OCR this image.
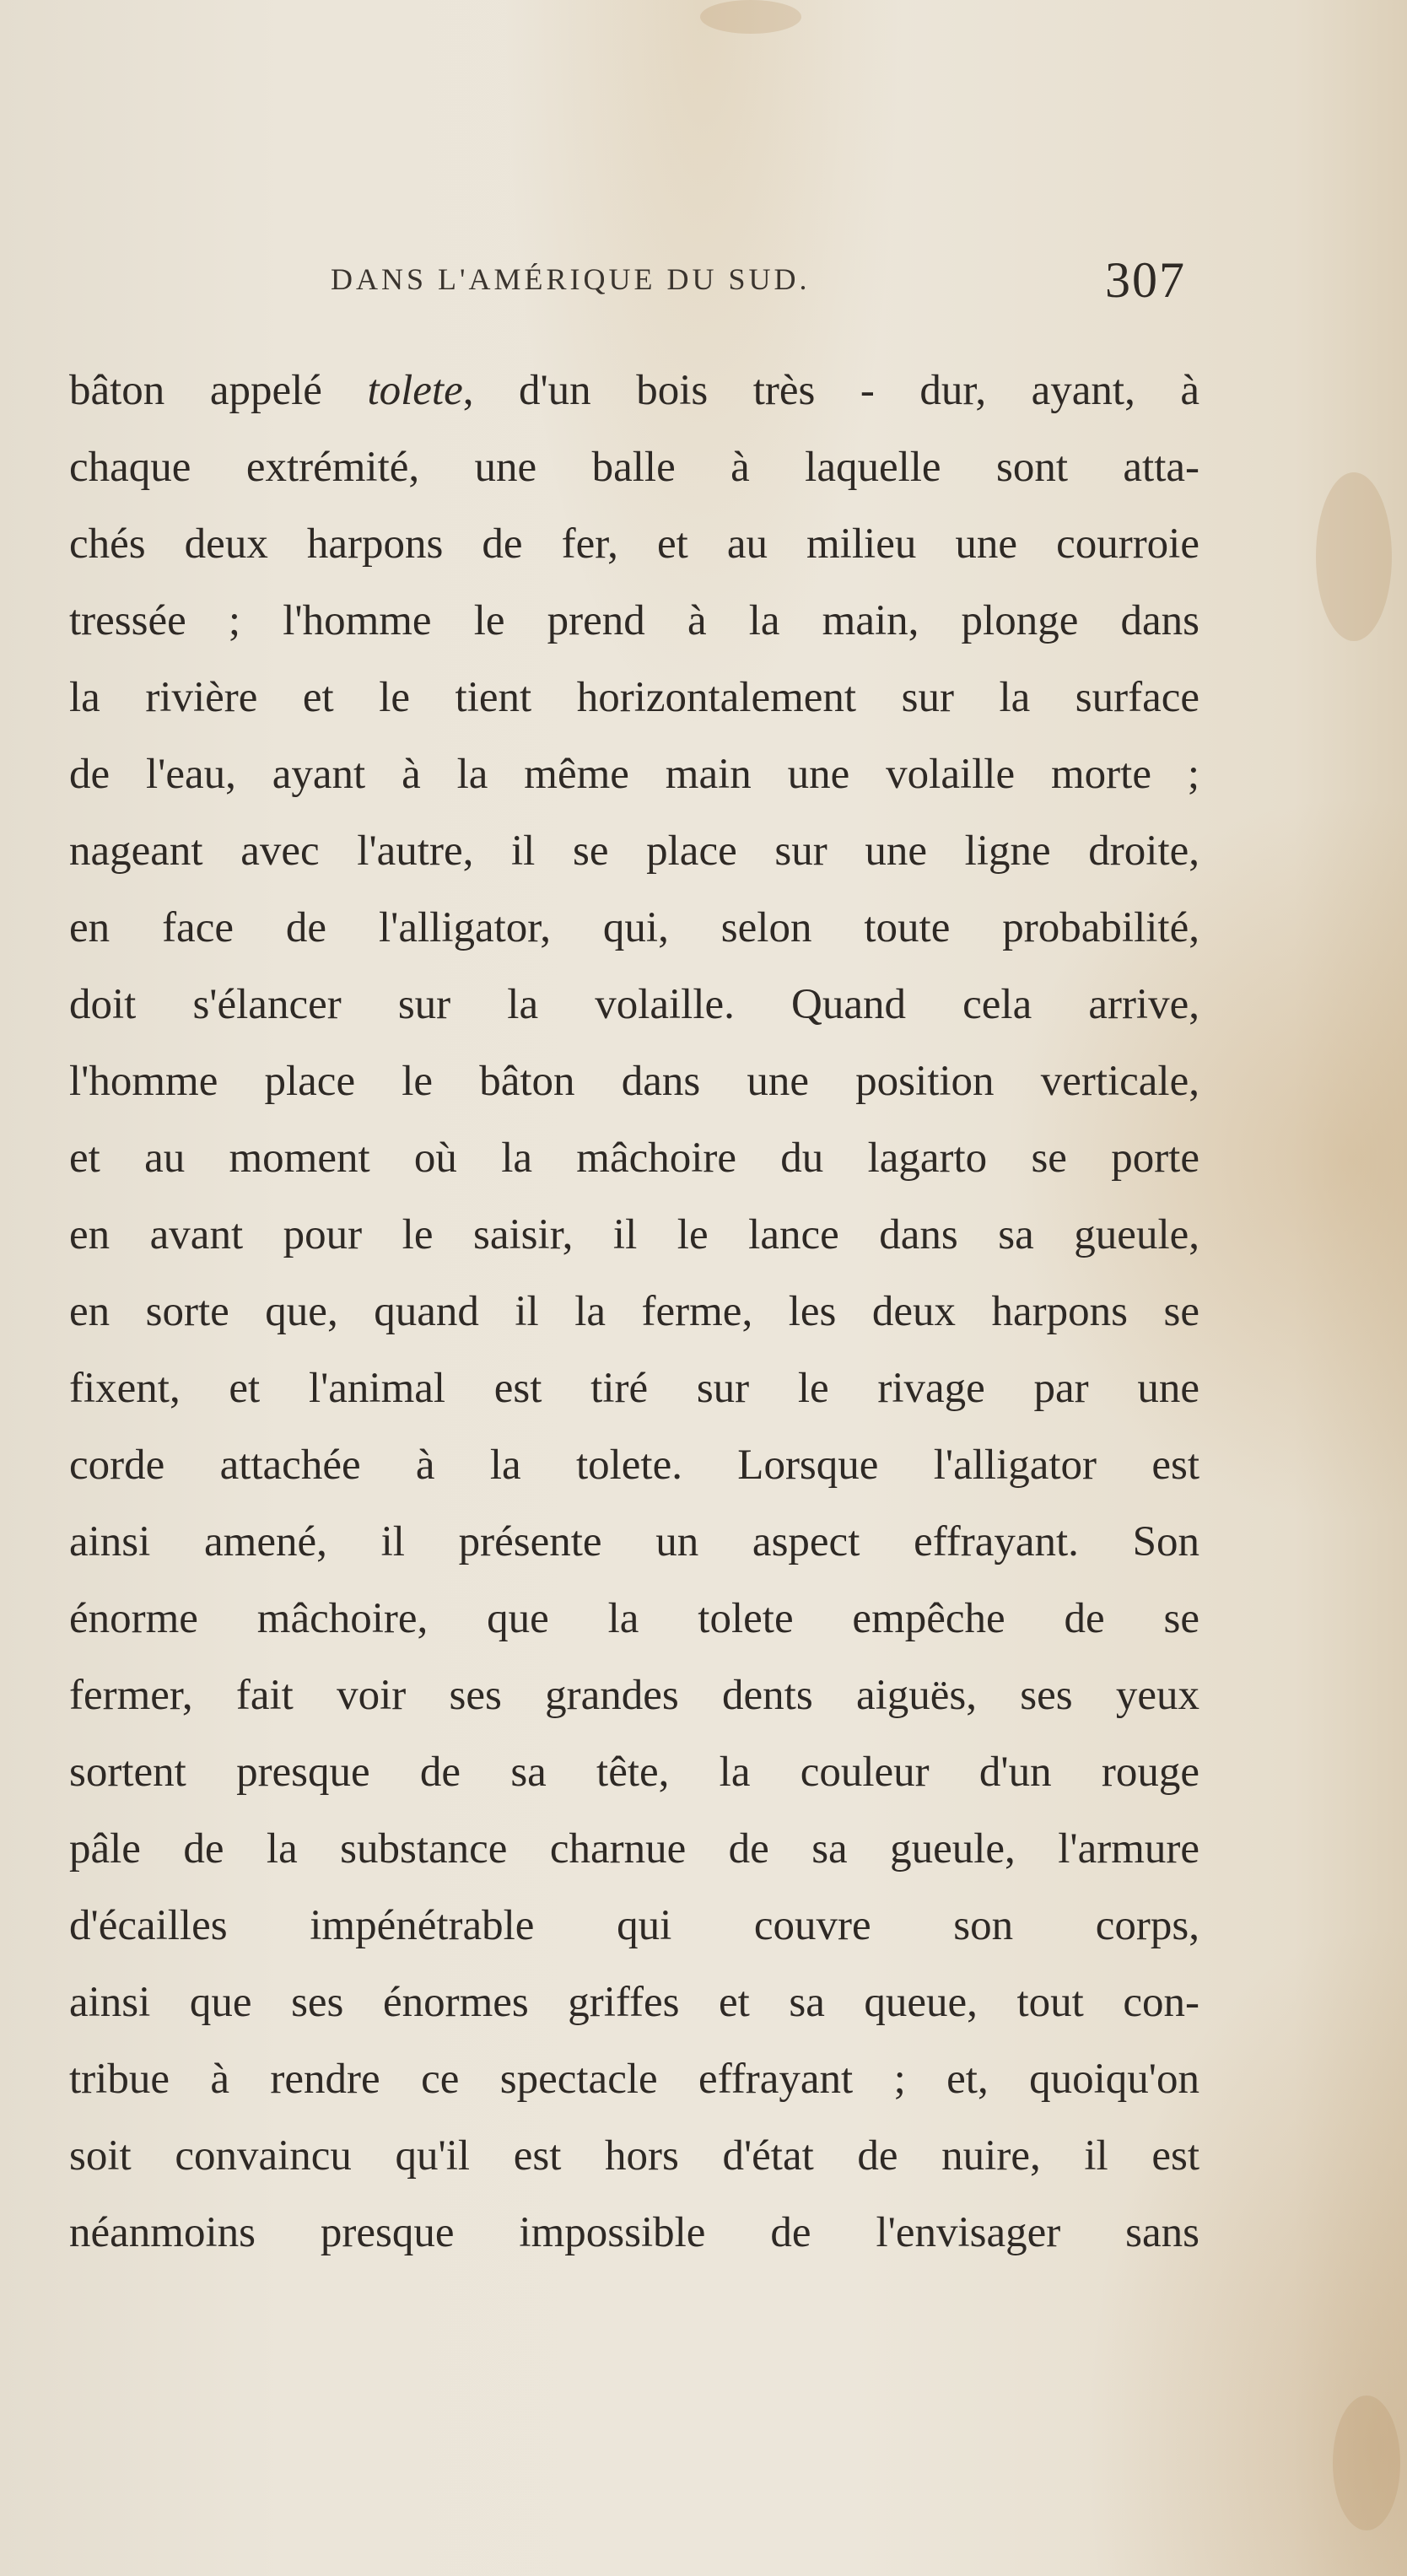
DANS L'AMÉRIQUE DU SUD.	307
bâton appelé tolete, d'un bois très - dur, ayant, à
chaque extrémité, une balle à laquelle sont atta-
chés deux harpons de fer, et au milieu une courroie
tressée ; l'homme le prend à la main, plonge dans
la rivière et le tient horizontalement sur la surface
de l'eau, ayant à la même main une volaille morte ;
nageant avec l'autre, il se place sur une ligne droite,
en face de l'alligator, qui, selon toute probabilité,
doit s'élancer sur la volaille. Quand cela arrive,
l'homme place le bâton dans une position verticale,
et au moment où la mâchoire du lagarto se porte
en avant pour le saisir, il le lance dans sa gueule,
en sorte que, quand il la ferme, les deux harpons se
fixent, et l'animal est tiré sur le rivage par une
corde attachée à la tolete. Lorsque l'alligator est
ainsi amené, il présente un aspect effrayant. Son
énorme mâchoire, que la tolete empêche de se
fermer, fait voir ses grandes dents aiguës, ses yeux
sortent presque de sa tête, la couleur d'un rouge
pâle de la substance charnue de sa gueule, l'armure
d'écailles impénétrable qui couvre son corps,
ainsi que ses énormes griffes et sa queue, tout con-
tribue à rendre ce spectacle effrayant ; et, quoiqu'on
soit convaincu qu'il est hors d'état de nuire, il est
néanmoins presque impossible de l'envisager sans
